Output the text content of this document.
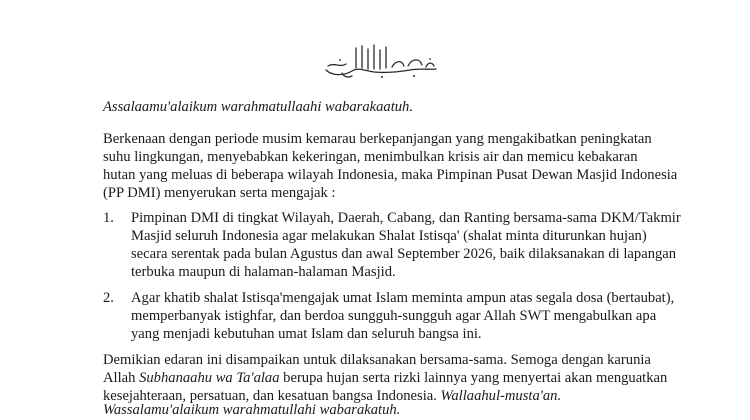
Assalaamu'alaikum warahmatullaahi wabarakaatuh.
Berkenaan dengan periode musim kemarau berkepanjangan yang mengakibatkan peningkatan
suhu lingkungan, menyebabkan kekeringan, menimbulkan krisis air dan memicu kebakaran
hutan yang meluas di beberapa wilayah Indonesia, maka Pimpinan Pusat Dewan Masjid Indonesia
(PP DMI) menyerukan serta mengajak :
1. Pimpinan DMI di tingkat Wilayah, Daerah, Cabang, dan Ranting bersama-sama DKM/Takmir
Masjid seluruh Indonesia agar melakukan Shalat Istisqa' (shalat minta diturunkan hujan)
secara serentak pada bulan Agustus dan awal September 2026, baik dilaksanakan di lapangan
terbuka maupun di halaman-halaman Masjid.
2. Agar khatib shalat Istisqa'mengajak umat Islam meminta ampun atas segala dosa (bertaubat),
memperbanyak istighfar, dan berdoa sungguh-sungguh agar Allah SWT mengabulkan apa
yang menjadi kebutuhan umat Islam dan seluruh bangsa ini.
Demikian edaran ini disampaikan untuk dilaksanakan bersama-sama. Semoga dengan karunia
Allah Subhanaahu wa Ta'alaa berupa hujan serta rizki lainnya yang menyertai akan menguatkan
kesejahteraan, persatuan, dan kesatuan bangsa Indonesia. Wallaahul-musta'an.
Wassalamu'alaikum warahmatullahi wabarakatuh.
